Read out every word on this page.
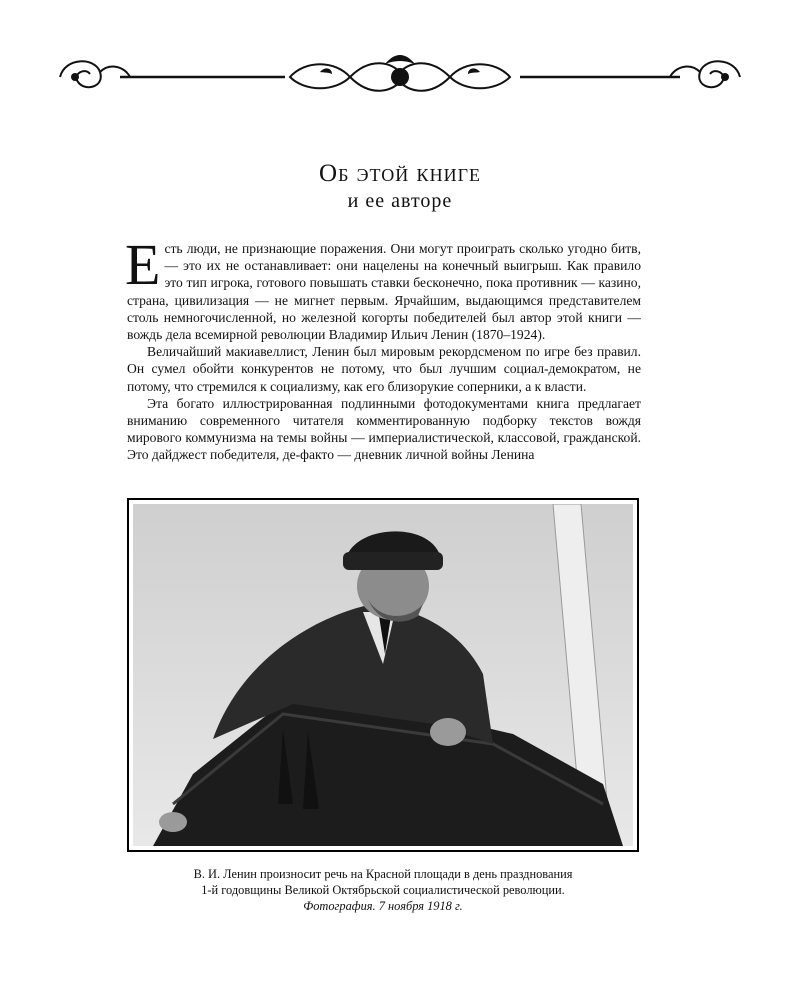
Об этой книге
и ее авторе

Есть люди, не признающие поражения. Они могут проиграть сколько угодно битв, — это их не останавливает: они нацелены на конечный выигрыш. Как правило это тип игрока, готового повышать ставки бесконечно, пока противник — казино, страна, цивилизация — не мигнет первым. Ярчайшим, выдающимся представителем столь немногочисленной, но железной когорты победителей был автор этой книги — вождь дела всемирной революции Владимир Ильич Ленин (1870–1924).

Величайший макиавеллист, Ленин был мировым рекордсменом по игре без правил. Он сумел обойти конкурентов не потому, что был лучшим социал-демократом, не потому, что стремился к социализму, как его близорукие соперники, а к власти.

Эта богато иллюстрированная подлинными фотодокументами книга предлагает вниманию современного читателя комментированную подборку текстов вождя мирового коммунизма на темы войны — империалистической, классовой, гражданской. Это дайджест победителя, де-факто — дневник личной войны Ленина

В. И. Ленин произносит речь на Красной площади в день празднования
1-й годовщины Великой Октябрьской социалистической революции.
Фотография. 7 ноября 1918 г.
